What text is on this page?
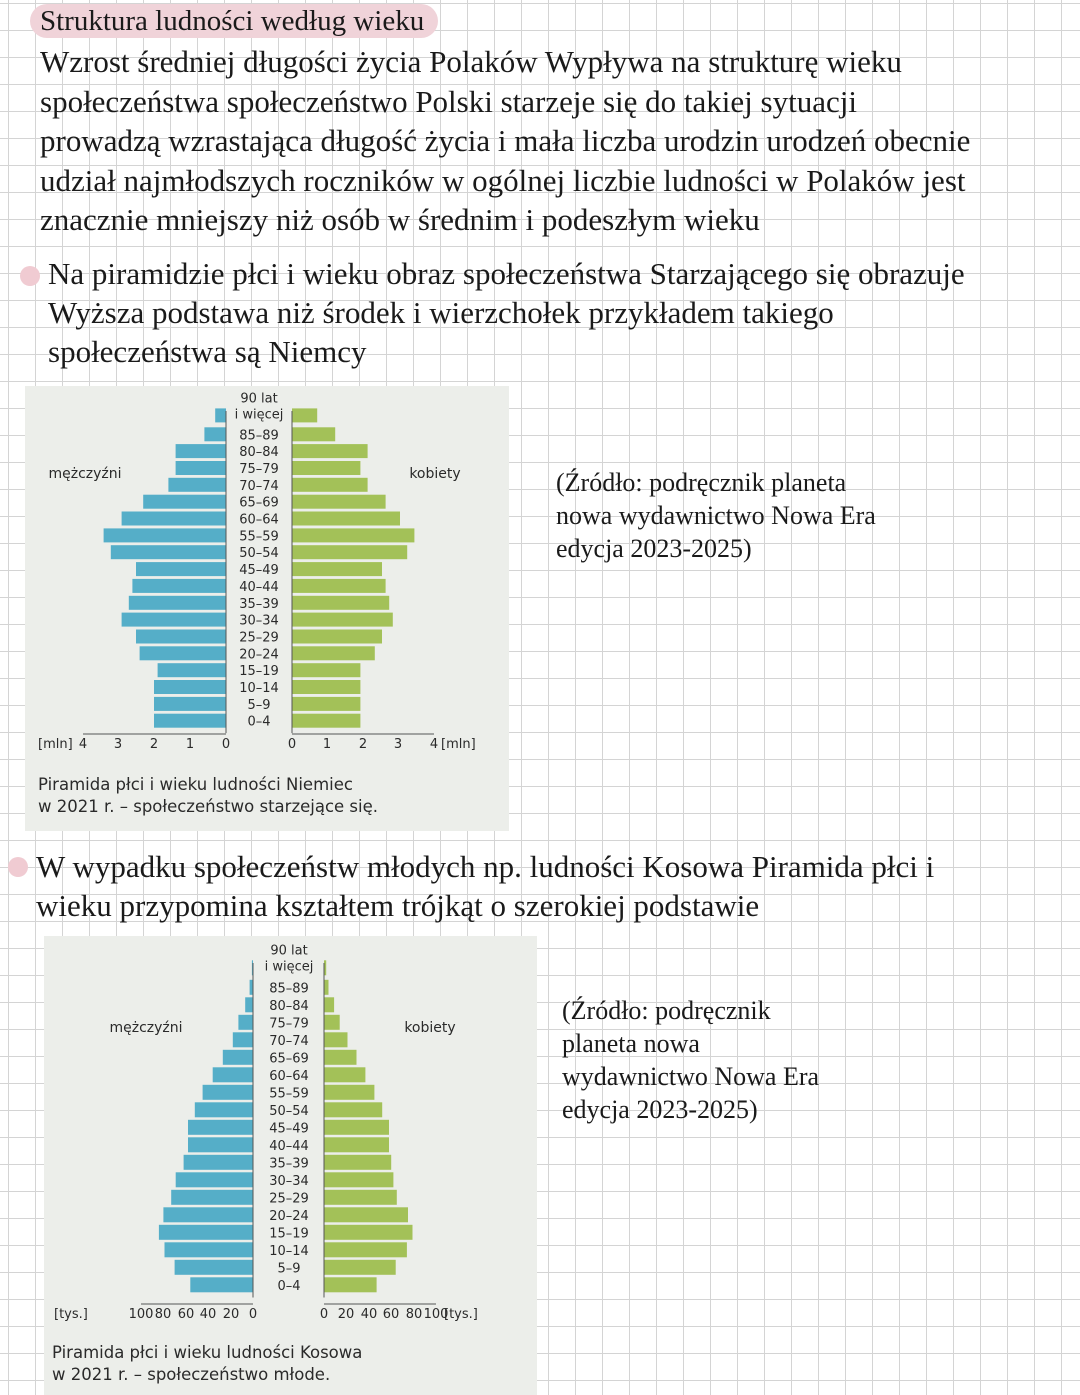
Struktura ludności według wieku

Wzrost średniej długości życia Polaków Wypływa na strukturę wieku

społeczeństwa społeczeństwo Polski starzeje się do takiej sytuacji

prowadzą wzrastająca długość życia i mała liczba urodzin urodzeń obecnie

udział najmłodszych roczników w ogólnej liczbie ludności w Polaków jest

znacznie mniejszy niż osób w średnim i podeszłym wieku

Na piramidzie płci i wieku obraz społeczeństwa Starzającego się obrazuje

Wyższa podstawa niż środek i wierzchołek przykładem takiego

społeczeństwa są Niemcy

90 lat
i więcej
85–89
80–84
75–79
70–74
65–69
60–64
55–59
50–54
45–49
40–44
35–39
30–34
25–29
20–24
15–19
10–14
5–9
0–4
4 3 2 1 0	0 1 2 3 4
[mln]	[mln]
mężczyźni	kobiety

Piramida płci i wieku ludności Niemiec

w 2021 r. – społeczeństwo starzejące się.

(Źródło: podręcznik planeta

nowa wydawnictwo Nowa Era

edycja 2023-2025)

W wypadku społeczeństw młodych np. ludności Kosowa Piramida płci i

wieku przypomina kształtem trójkąt o szerokiej podstawie

90 lat
i więcej
85–89
80–84
75–79
70–74
65–69
60–64
55–59
50–54
45–49
40–44
35–39
30–34
25–29
20–24
15–19
10–14
5–9
0–4
100 80 60 40 20 0	0 20 40 60 80 100
[tys.]	[tys.]
mężczyźni	kobiety

Piramida płci i wieku ludności Kosowa

w 2021 r. – społeczeństwo młode.

(Źródło: podręcznik

planeta nowa

wydawnictwo Nowa Era

edycja 2023-2025)
